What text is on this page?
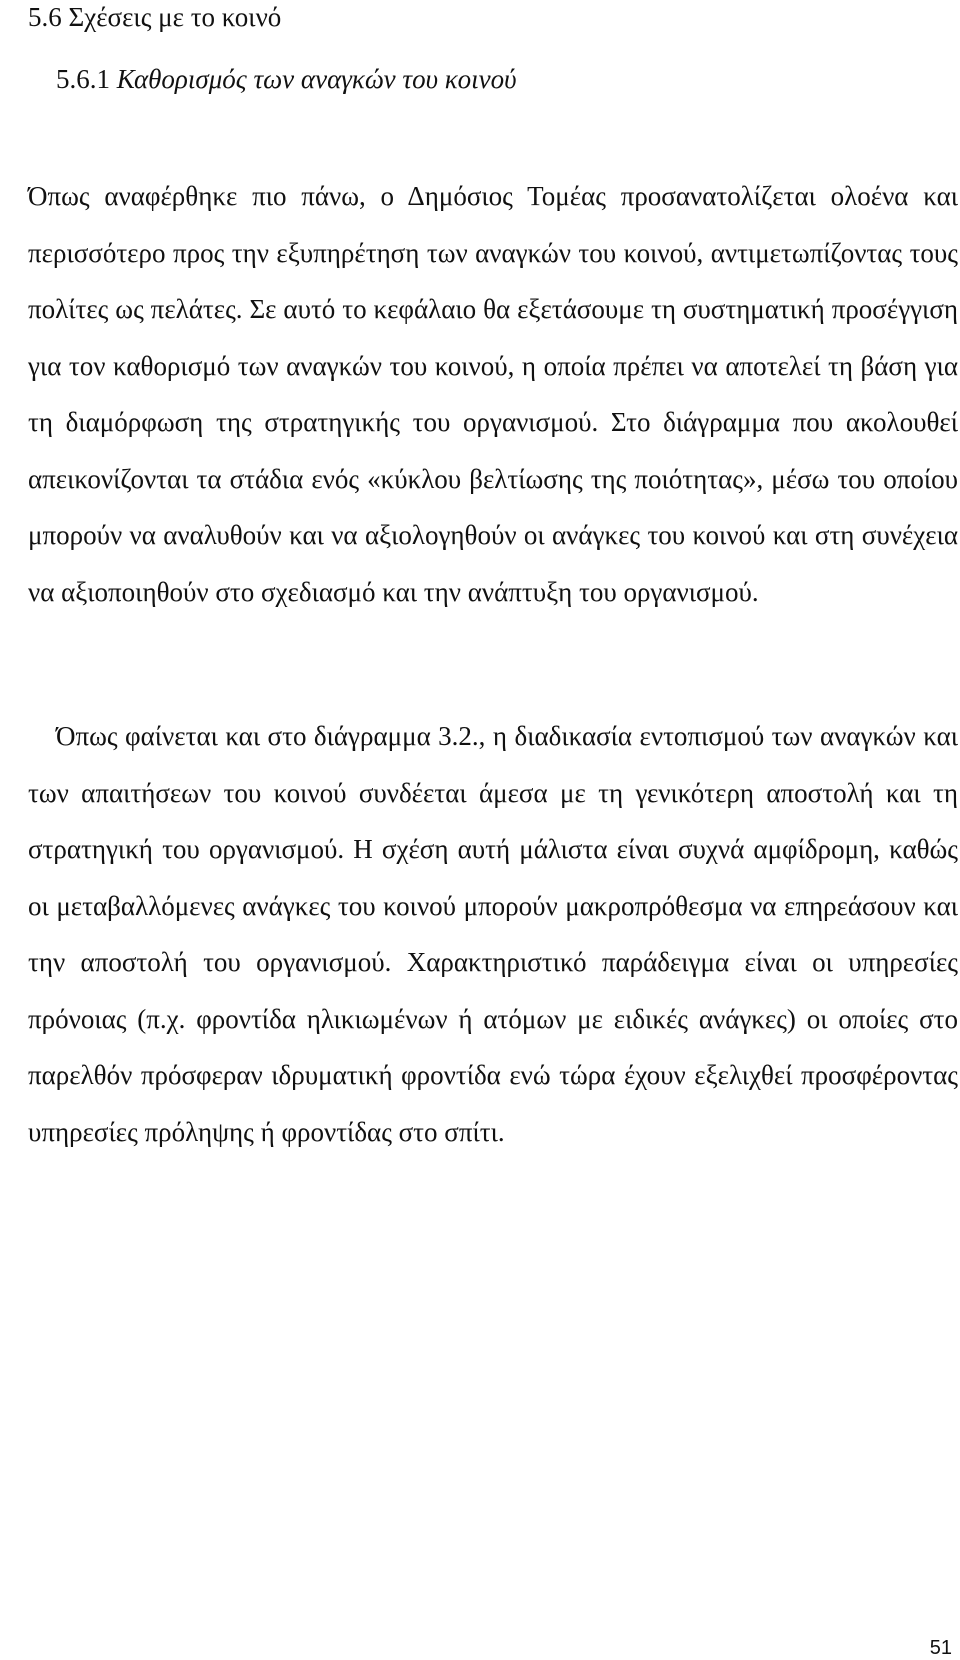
5.6 Σχέσεις με το κοινό
5.6.1 Καθορισμός των αναγκών του κοινού

Όπως αναφέρθηκε πιο πάνω, ο Δημόσιος Τομέας προσανατολίζεται ολοένα και περισσότερο προς την εξυπηρέτηση των αναγκών του κοινού, αντιμετωπίζοντας τους πολίτες ως πελάτες. Σε αυτό το κεφάλαιο θα εξετάσουμε τη συστηματική προσέγγιση για τον καθορισμό των αναγκών του κοινού, η οποία πρέπει να αποτελεί τη βάση για τη διαμόρφωση της στρατηγικής του οργανισμού. Στο διάγραμμα που ακολουθεί απεικονίζονται τα στάδια ενός «κύκλου βελτίωσης της ποιότητας», μέσω του οποίου μπορούν να αναλυθούν και να αξιολογηθούν οι ανάγκες του κοινού και στη συνέχεια να αξιοποιηθούν στο σχεδιασμό και την ανάπτυξη του οργανισμού.

Όπως φαίνεται και στο διάγραμμα 3.2., η διαδικασία εντοπισμού των αναγκών και των απαιτήσεων του κοινού συνδέεται άμεσα με τη γενικότερη αποστολή και τη στρατηγική του οργανισμού. Η σχέση αυτή μάλιστα είναι συχνά αμφίδρομη, καθώς οι μεταβαλλόμενες ανάγκες του κοινού μπορούν μακροπρόθεσμα να επηρεάσουν και την αποστολή του οργανισμού. Χαρακτηριστικό παράδειγμα είναι οι υπηρεσίες πρόνοιας (π.χ. φροντίδα ηλικιωμένων ή ατόμων με ειδικές ανάγκες) οι οποίες στο παρελθόν πρόσφεραν ιδρυματική φροντίδα ενώ τώρα έχουν εξελιχθεί προσφέροντας υπηρεσίες πρόληψης ή φροντίδας στο σπίτι.

51
